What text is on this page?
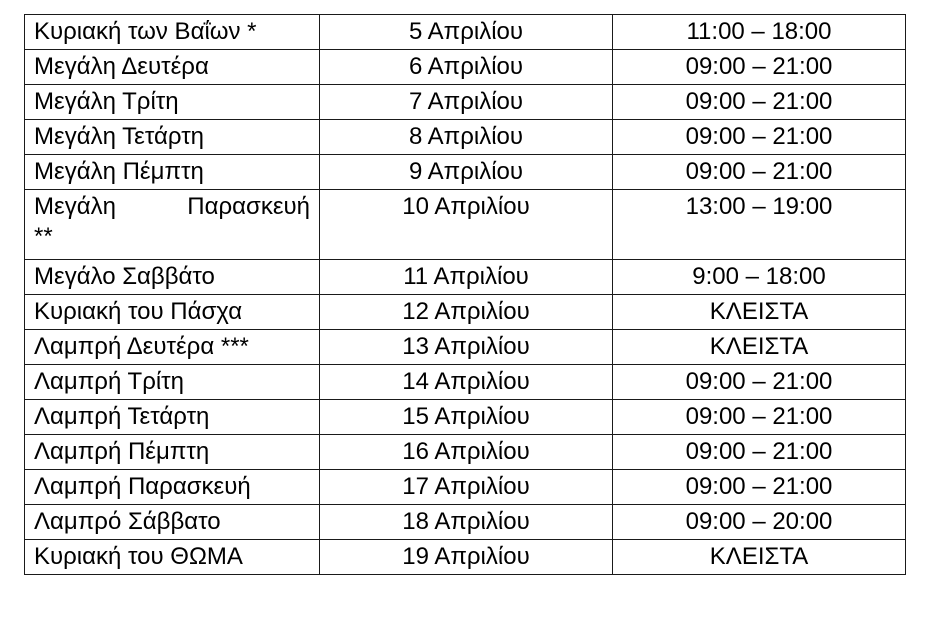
Κυριακή των Βαΐων *	5 Απριλίου	11:00 – 18:00
Μεγάλη Δευτέρα	6 Απριλίου	09:00 – 21:00
Μεγάλη Τρίτη	7 Απριλίου	09:00 – 21:00
Μεγάλη Τετάρτη	8 Απριλίου	09:00 – 21:00
Μεγάλη Πέμπτη	9 Απριλίου	09:00 – 21:00

Μεγάλη Παρασκευή
**	10 Απριλίου	13:00 – 19:00
Μεγάλο Σαββάτο	11 Απριλίου	9:00 – 18:00
Κυριακή του Πάσχα	12 Απριλίου	ΚΛΕΙΣΤΑ
Λαμπρή Δευτέρα ***	13 Απριλίου	ΚΛΕΙΣΤΑ
Λαμπρή Τρίτη	14 Απριλίου	09:00 – 21:00
Λαμπρή Τετάρτη	15 Απριλίου	09:00 – 21:00
Λαμπρή Πέμπτη	16 Απριλίου	09:00 – 21:00
Λαμπρή Παρασκευή	17 Απριλίου	09:00 – 21:00
Λαμπρό Σάββατο	18 Απριλίου	09:00 – 20:00
Κυριακή του ΘΩΜΑ	19 Απριλίου	ΚΛΕΙΣΤΑ
